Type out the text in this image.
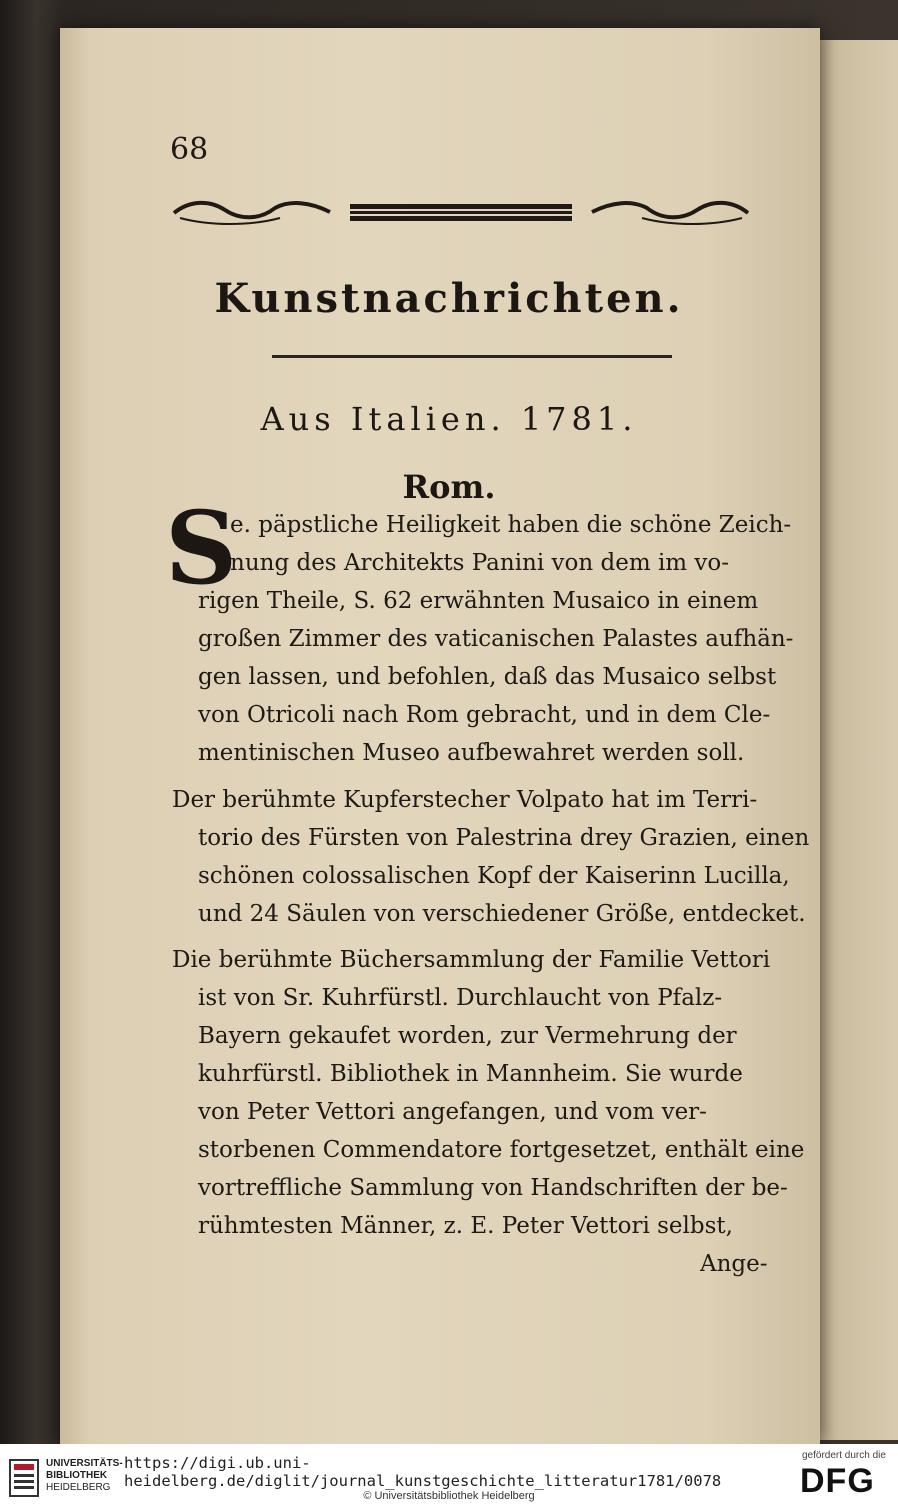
68
Kunstnachrichten.
Aus Italien. 1781.
Rom.
S
e. päpstliche Heiligkeit haben die schöne Zeich-
nung des Architekts Panini von dem im vo-
rigen Theile, S. 62 erwähnten Musaico in einem
großen Zimmer des vaticanischen Palastes aufhän-
gen lassen, und befohlen, daß das Musaico selbst
von Otricoli nach Rom gebracht, und in dem Cle-
mentinischen Museo aufbewahret werden soll.
Der berühmte Kupferstecher Volpato hat im Terri-
torio des Fürsten von Palestrina drey Grazien, einen
schönen colossalischen Kopf der Kaiserinn Lucilla,
und 24 Säulen von verschiedener Größe, entdecket.
Die berühmte Büchersammlung der Familie Vettori
ist von Sr. Kuhrfürstl. Durchlaucht von Pfalz-
Bayern gekaufet worden, zur Vermehrung der
kuhrfürstl. Bibliothek in Mannheim. Sie wurde
von Peter Vettori angefangen, und vom ver-
storbenen Commendatore fortgesetzet, enthält eine
vortreffliche Sammlung von Handschriften der be-
rühmtesten Männer, z. E. Peter Vettori selbst,
Ange-
UNIVERSITÄTS-
BIBLIOTHEK
HEIDELBERG
https://digi.ub.uni-heidelberg.de/diglit/journal_kunstgeschichte_litteratur1781/0078
© Universitätsbibliothek Heidelberg
gefördert durch die
DFG
